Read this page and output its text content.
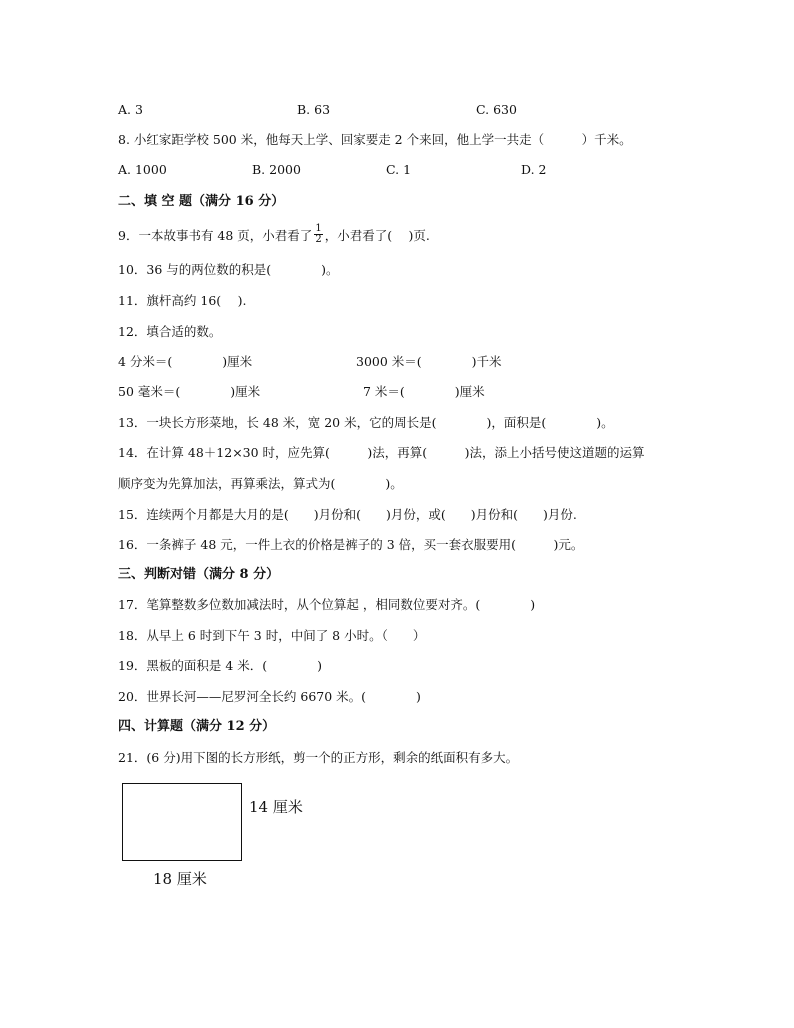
A. 3	B. 63	C. 630
8. 小红家距学校 500 米，他每天上学、回家要走 2 个来回，他上学一共走（　　　）千米。
A. 1000	B. 2000	C. 1	D. 2
二、填 空 题（满分 16 分）
9．一本故事书有 48 页，小君看了 $\frac{1}{2}$ ，小君看了(　 )页.
10．36 与的两位数的积是(　　　　)。
11．旗杆高约 16(　 ).
12．填合适的数。
4 分米＝(　　　　)厘米	3000 米＝(　　　　)千米
50 毫米＝(　　　　)厘米	7 米＝(　　　　)厘米
13．一块长方形菜地，长 48 米，宽 20 米，它的周长是(　　　　)，面积是(　　　　)。
14．在计算 48＋12×30 时，应先算(　　　)法，再算(　　　)法，添上小括号使这道题的运算
顺序变为先算加法，再算乘法，算式为(　　　　)。
15．连续两个月都是大月的是(　　)月份和(　　)月份，或(　　)月份和(　　)月份.
16．一条裤子 48 元，一件上衣的价格是裤子的 3 倍，买一套衣服要用(　　　)元。
三、判断对错（满分 8 分）
17．笔算整数多位数加减法时，从个位算起 ，相同数位要对齐。(　　　　)
18．从早上 6 时到下午 3 时，中间了 8 小时。（　　）
19．黑板的面积是 4 米．(　　　　)
20．世界长河——尼罗河全长约 6670 米。(　　　　)
四、计算题（满分 12 分）
21．(6 分)用下图的长方形纸，剪一个的正方形，剩余的纸面积有多大。
14 厘米
18 厘米
